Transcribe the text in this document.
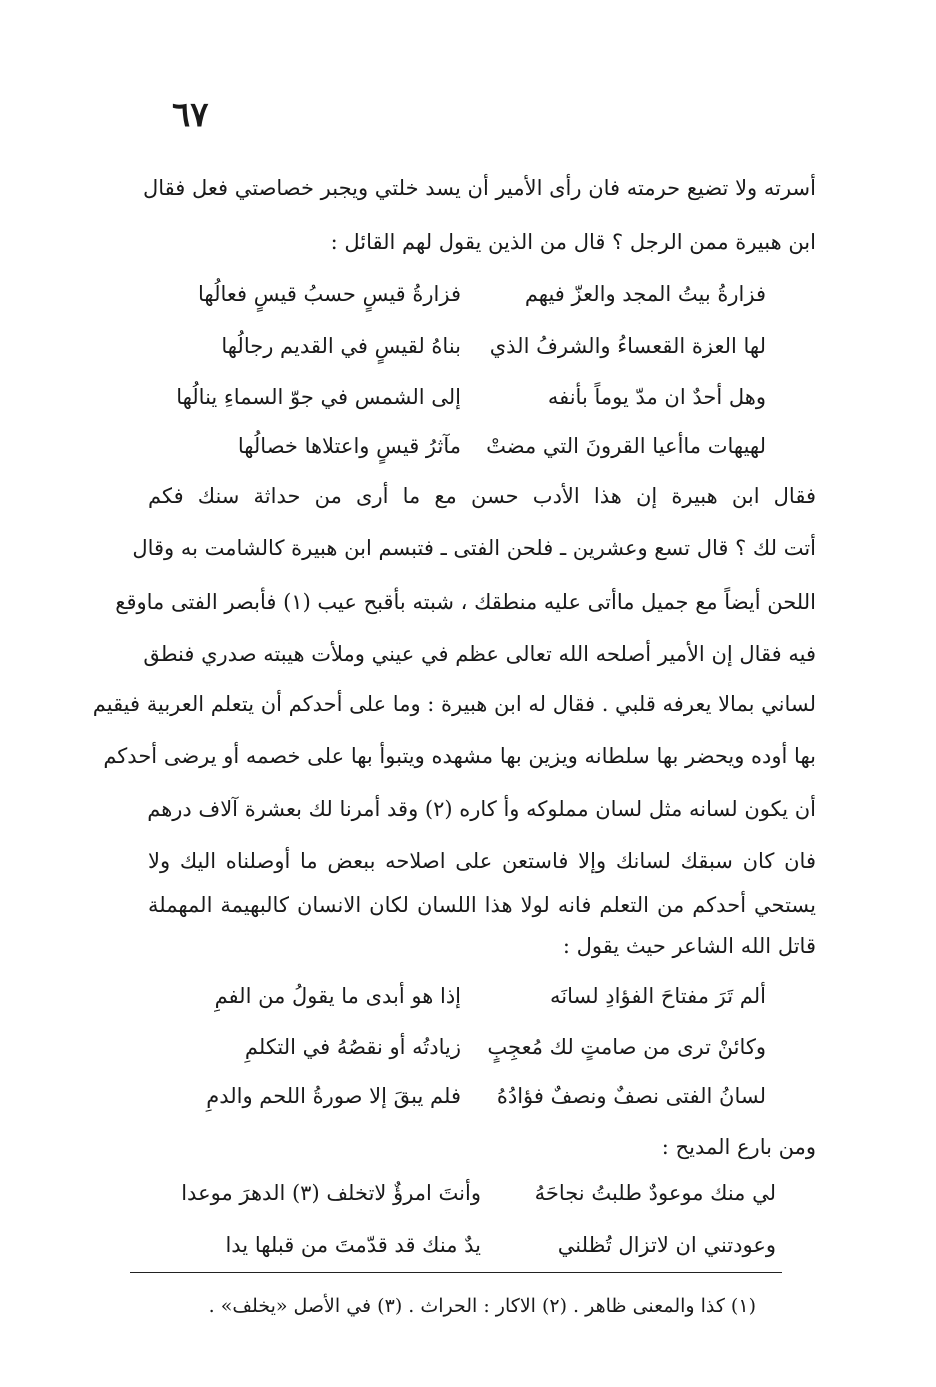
٦٧
أسرته ولا تضيع حرمته فان رأى الأمير أن يسد خلتي ويجبر خصاصتي فعل فقال
ابن هبيرة ممن الرجل ؟ قال من الذين يقول لهم القائل :
فزارةُ بيتُ المجد والعزّ فيهم
فزارةُ قيسٍ حسبُ قيسٍ فعالُها
لها العزة القعساءُ والشرفُ الذي
بناهُ لقيسٍ في القديم رجالُها
وهل أحدٌ ان مدّ يوماً بأنفه
إلى الشمس في جوّ السماءِ ينالُها
لهيهات ماأعيا القرونَ التي مضتْ
مآثرُ قيسٍ واعتلاها خصالُها
فقال ابن هبيرة إن هذا الأدب حسن مع ما أرى من حداثة سنك فكم
أتت لك ؟ قال تسع وعشرين ـ فلحن الفتى ـ فتبسم ابن هبيرة كالشامت به وقال
اللحن أيضاً مع جميل ماأتى عليه منطقك ، شبته بأقبح عيب (١) فأبصر الفتى ماوقع
فيه فقال إن الأمير أصلحه الله تعالى عظم في عيني وملأت هيبته صدري فنطق
لساني بمالا يعرفه قلبي . فقال له ابن هبيرة : وما على أحدكم أن يتعلم العربية فيقيم
بها أوده ويحضر بها سلطانه ويزين بها مشهده ويتبوأ بها على خصمه أو يرضى أحدكم
أن يكون لسانه مثل لسان مملوكه وأ كاره (٢) وقد أمرنا لك بعشرة آلاف درهم
فان كان سبقك لسانك وإلا فاستعن على اصلاحه ببعض ما أوصلناه اليك ولا
يستحي أحدكم من التعلم فانه لولا هذا اللسان لكان الانسان كالبهيمة المهملة
قاتل الله الشاعر حيث يقول :
ألم تَرَ مفتاحَ الفؤادِ لسانَه
إذا هو أبدى ما يقولُ من الفمِ
وكائنْ ترى من صامتٍ لك مُعجِبٍ
زيادتُه أو نقصُهُ في التكلمِ
لسانُ الفتى نصفٌ ونصفٌ فؤادُهُ
فلم يبقَ إلا صورةُ اللحم والدمِ
ومن بارع المديح :
لي منك موعودٌ طلبتُ نجاحَهُ
وأنتَ امرؤٌ لاتخلف (٣) الدهرَ موعدا
وعودتني ان لاتزال تُظلني
يدٌ منك قد قدّمتَ من قبلها يدا
(١) كذا والمعنى ظاهر . (٢) الاكار : الحراث . (٣) في الأصل «يخلف» .
